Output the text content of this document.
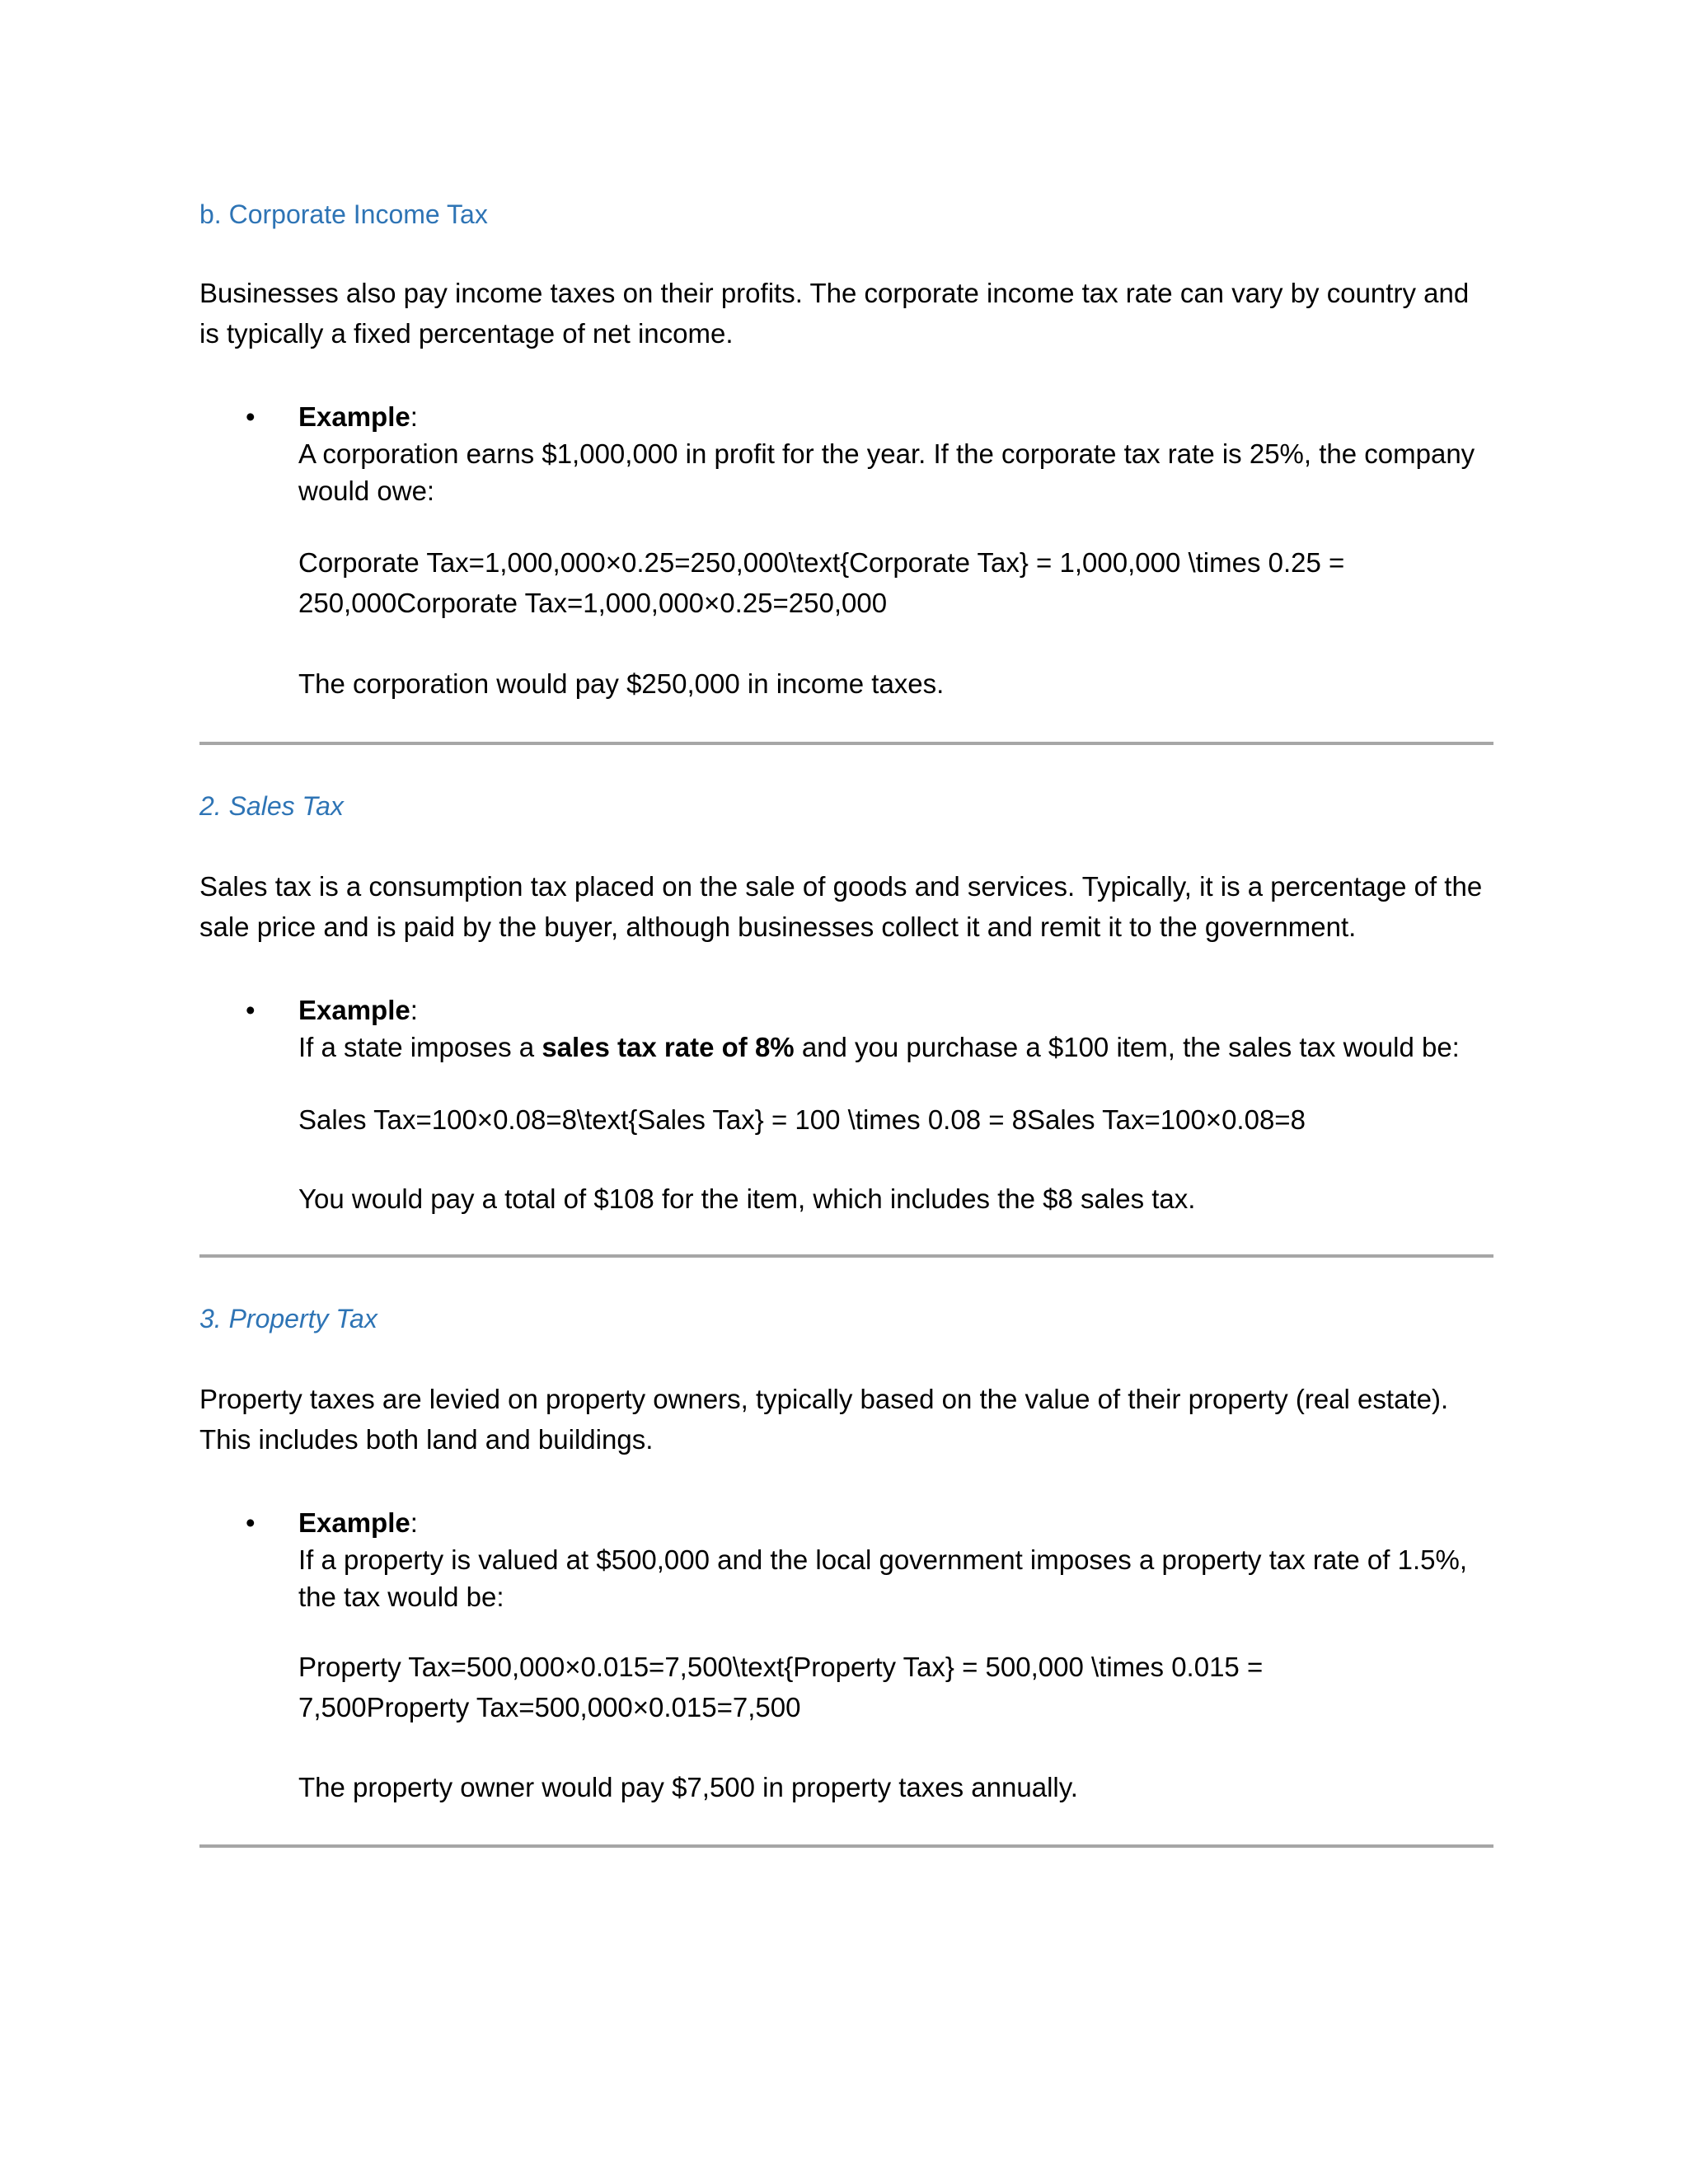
b. Corporate Income Tax
Businesses also pay income taxes on their profits. The corporate income tax rate can vary by country and is typically a fixed percentage of net income.
• Example:
A corporation earns $1,000,000 in profit for the year. If the corporate tax rate is 25%, the company would owe:
Corporate Tax=1,000,000×0.25=250,000\text{Corporate Tax} = 1,000,000 \times 0.25 = 250,000Corporate Tax=1,000,000×0.25=250,000
The corporation would pay $250,000 in income taxes.
2. Sales Tax
Sales tax is a consumption tax placed on the sale of goods and services. Typically, it is a percentage of the sale price and is paid by the buyer, although businesses collect it and remit it to the government.
• Example:
If a state imposes a sales tax rate of 8% and you purchase a $100 item, the sales tax would be:
Sales Tax=100×0.08=8\text{Sales Tax} = 100 \times 0.08 = 8Sales Tax=100×0.08=8
You would pay a total of $108 for the item, which includes the $8 sales tax.
3. Property Tax
Property taxes are levied on property owners, typically based on the value of their property (real estate). This includes both land and buildings.
• Example:
If a property is valued at $500,000 and the local government imposes a property tax rate of 1.5%, the tax would be:
Property Tax=500,000×0.015=7,500\text{Property Tax} = 500,000 \times 0.015 = 7,500Property Tax=500,000×0.015=7,500
The property owner would pay $7,500 in property taxes annually.
